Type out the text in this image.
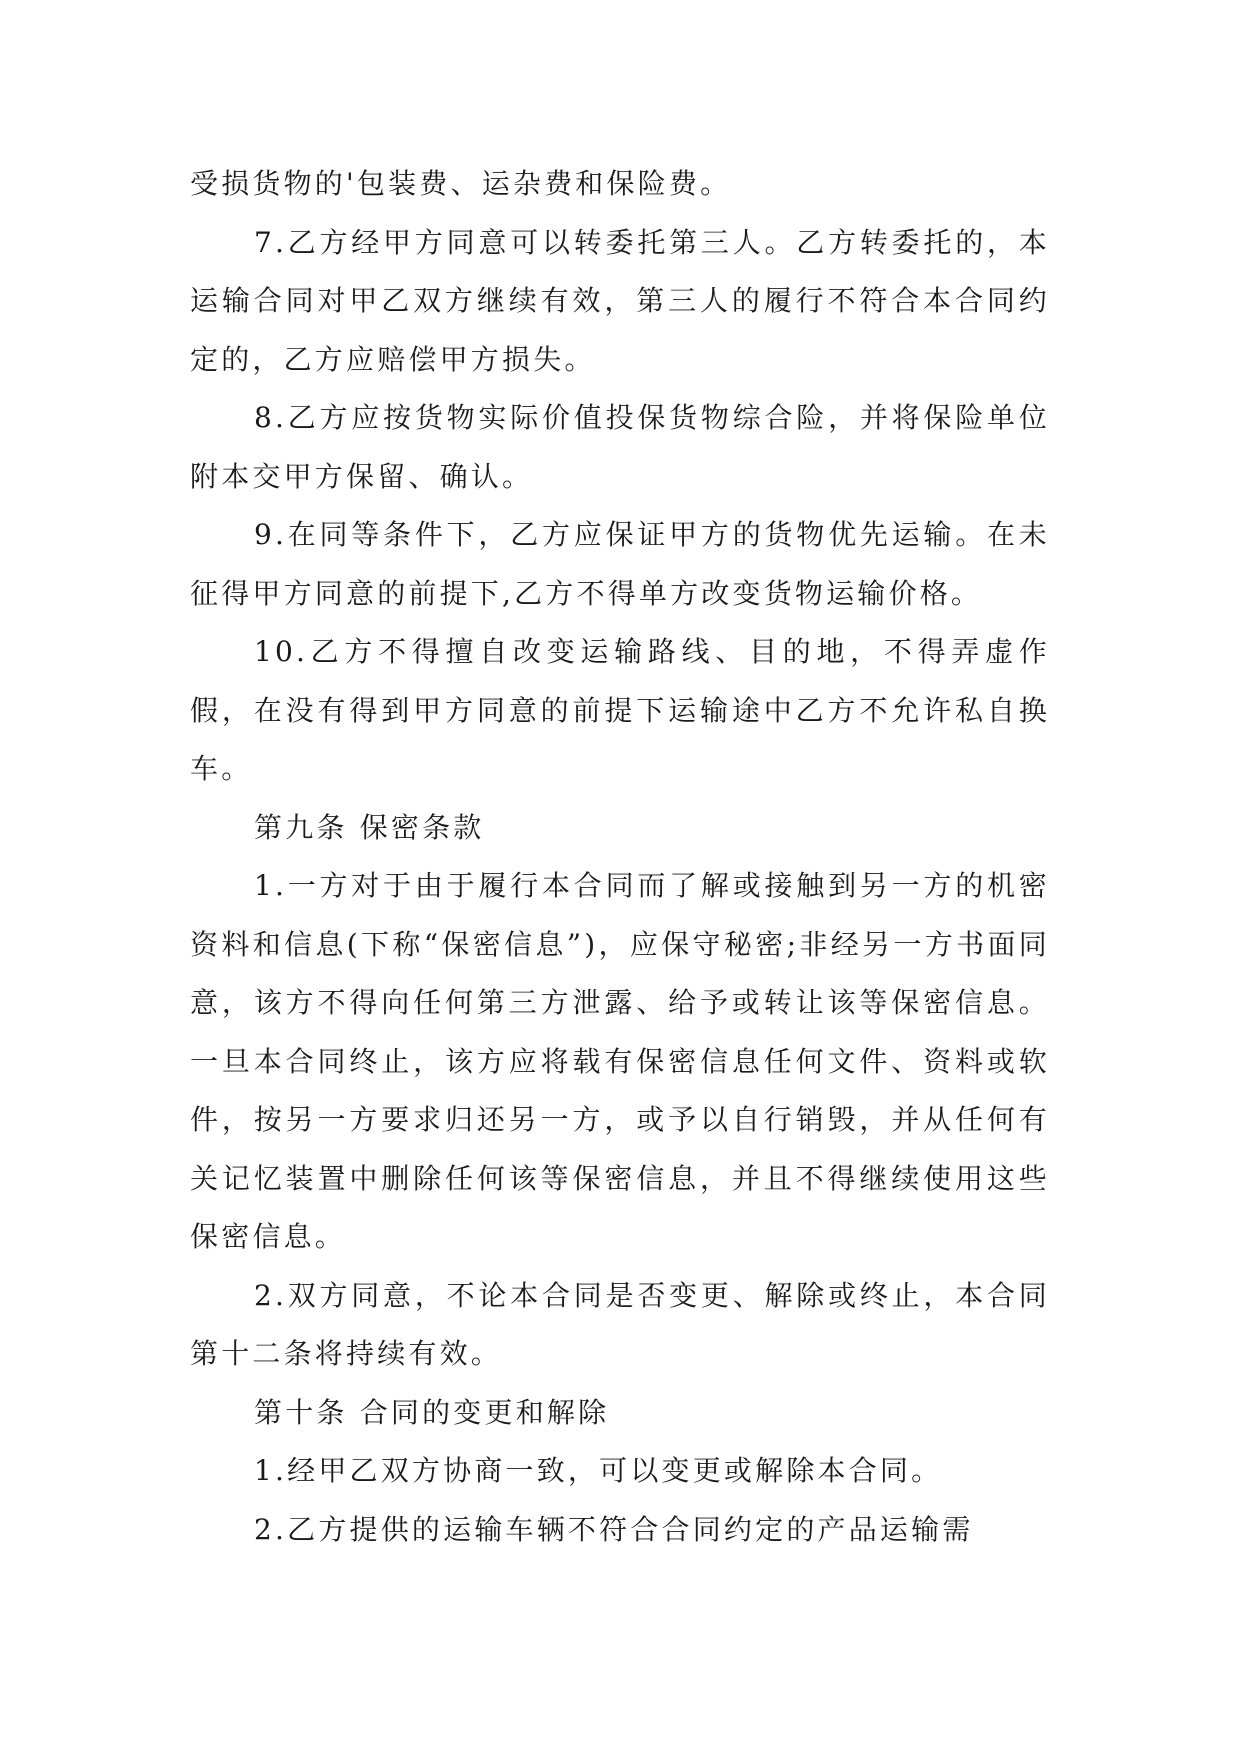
受损货物的'包装费、运杂费和保险费。

7.乙方经甲方同意可以转委托第三人。乙方转委托的，本运输合同对甲乙双方继续有效，第三人的履行不符合本合同约定的，乙方应赔偿甲方损失。

8.乙方应按货物实际价值投保货物综合险，并将保险单位附本交甲方保留、确认。

9.在同等条件下，乙方应保证甲方的货物优先运输。在未征得甲方同意的前提下,乙方不得单方改变货物运输价格。

10.乙方不得擅自改变运输路线、目的地，不得弄虚作假，在没有得到甲方同意的前提下运输途中乙方不允许私自换车。

第九条 保密条款

1.一方对于由于履行本合同而了解或接触到另一方的机密资料和信息(下称“保密信息”)，应保守秘密;非经另一方书面同意，该方不得向任何第三方泄露、给予或转让该等保密信息。一旦本合同终止，该方应将载有保密信息任何文件、资料或软件，按另一方要求归还另一方，或予以自行销毁，并从任何有关记忆装置中删除任何该等保密信息，并且不得继续使用这些保密信息。

2.双方同意，不论本合同是否变更、解除或终止，本合同第十二条将持续有效。

第十条 合同的变更和解除

1.经甲乙双方协商一致，可以变更或解除本合同。

2.乙方提供的运输车辆不符合合同约定的产品运输需
